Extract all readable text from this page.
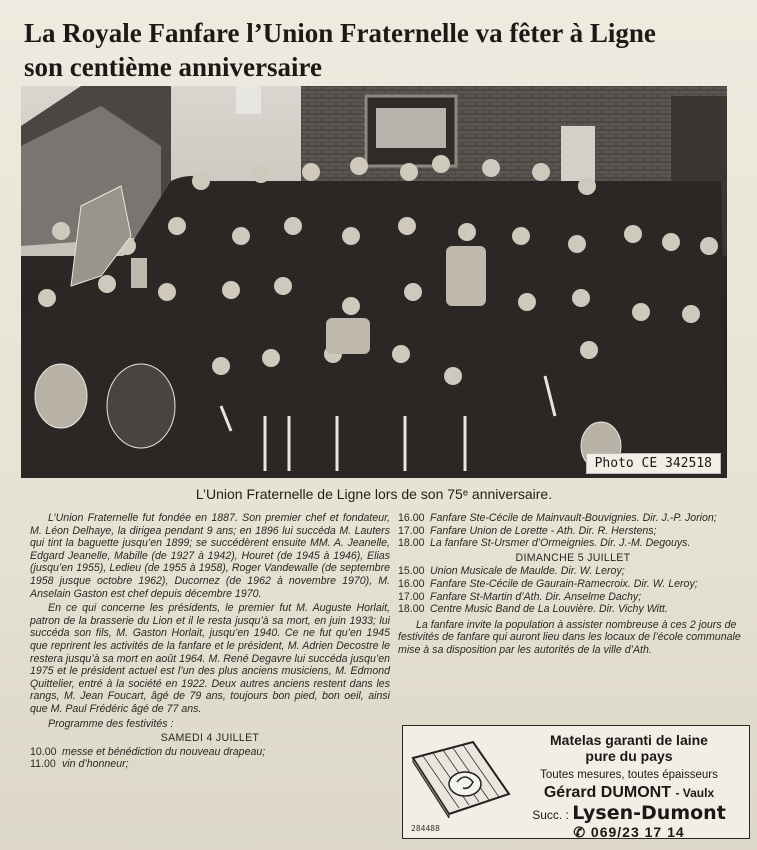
La Royale Fanfare l’Union Fraternelle va fêter à Ligne
son centième anniversaire
Photo CE 342518
L’Union Fraternelle de Ligne lors de son 75ᵉ anniversaire.

L’Union Fraternelle fut fondée en 1887. Son premier chef et fondateur, M. Léon Delhaye, la dirigea pendant 9 ans; en 1896 lui succéda M. Lauters qui tint la baguette jusqu’en 1899; se succédèrent ensuite MM. A. Jeanelle, Edgard Jeanelle, Mabille (de 1927 à 1942), Houret (de 1945 à 1946), Elias (jusqu’en 1955), Ledieu (de 1955 à 1958), Roger Vandewalle (de septembre 1958 jusque octobre 1962), Ducornez (de 1962 à novembre 1970), M. Anselain Gaston est chef depuis décembre 1970.

En ce qui concerne les présidents, le premier fut M. Auguste Horlait, patron de la brasserie du Lion et il le resta jusqu’à sa mort, en juin 1933; lui succéda son fils, M. Gaston Horlait, jusqu’en 1940. Ce ne fut qu’en 1945 que reprirent les activités de la fanfare et le président, M. Adrien Decostre le restera jusqu’à sa mort en août 1964. M. René Degavre lui succéda jusqu’en 1975 et le président actuel est l’un des plus anciens musiciens, M. Edmond Quittelier, entré à la société en 1922. Deux autres anciens restent dans les rangs, M. Jean Foucart, âgé de 79 ans, toujours bon pied, bon oeil, ainsi que M. Paul Frédéric âgé de 77 ans.

Programme des festivités :

SAMEDI 4 JUILLET
10.00 messe et bénédiction du nouveau drapeau;
11.00 vin d’honneur;
16.00 Fanfare Ste-Cécile de Mainvault-Bouvignies. Dir. J.-P. Jorion;
17.00 Fanfare Union de Lorette - Ath. Dir. R. Herstens;
18.00 La fanfare St-Ursmer d’Ormeignies. Dir. J.-M. Degouys.
DIMANCHE 5 JUILLET
15.00 Union Musicale de Maulde. Dir. W. Leroy;
16.00 Fanfare Ste-Cécile de Gaurain-Ramecroix. Dir. W. Leroy;
17.00 Fanfare St-Martin d’Ath. Dir. Anselme Dachy;
18.00 Centre Music Band de La Louvière. Dir. Vichy Witt.

La fanfare invite la population à assister nombreuse à ces 2 jours de festivités de fanfare qui auront lieu dans les locaux de l’école communale mise à sa disposition par les autorités de la ville d’Ath.

284488
Matelas garanti de laine
pure du pays
Toutes mesures, toutes épaisseurs
Gérard DUMONT - Vaulx
Succ. : Lysen-Dumont
✆ 069/23 17 14
